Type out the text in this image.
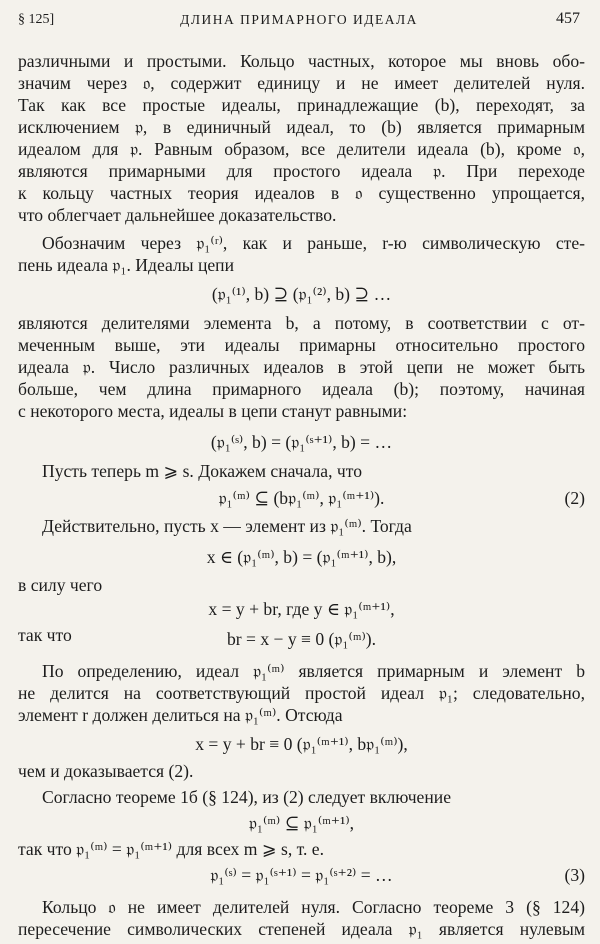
§ 125]	ДЛИНА ПРИМАРНОГО ИДЕАЛА	457
различными и простыми. Кольцо частных, которое мы вновь обо-
значим через 𝔬, содержит единицу и не имеет делителей нуля.
Так как все простые идеалы, принадлежащие (b), переходят, за
исключением 𝔭, в единичный идеал, то (b) является примарным
идеалом для 𝔭. Равным образом, все делители идеала (b), кроме 𝔬,
являются примарными для простого идеала 𝔭. При переходе
к кольцу частных теория идеалов в 𝔬 существенно упрощается,
что облегчает дальнейшее доказательство.
Обозначим через 𝔭₁⁽ʳ⁾, как и раньше, r-ю символическую сте-
пень идеала 𝔭₁. Идеалы цепи
(𝔭₁⁽¹⁾, b) ⊇ (𝔭₁⁽²⁾, b) ⊇ …
являются делителями элемента b, а потому, в соответствии с от-
меченным выше, эти идеалы примарны относительно простого
идеала 𝔭. Число различных идеалов в этой цепи не может быть
больше, чем длина примарного идеала (b); поэтому, начиная
с некоторого места, идеалы в цепи станут равными:
(𝔭₁⁽ˢ⁾, b) = (𝔭₁⁽ˢ⁺¹⁾, b) = …
Пусть теперь m ⩾ s. Докажем сначала, что
𝔭₁⁽ᵐ⁾ ⊆ (b𝔭₁⁽ᵐ⁾, 𝔭₁⁽ᵐ⁺¹⁾).	(2)
Действительно, пусть x — элемент из 𝔭₁⁽ᵐ⁾. Тогда
x ∈ (𝔭₁⁽ᵐ⁾, b) = (𝔭₁⁽ᵐ⁺¹⁾, b),
в силу чего
x = y + br, где y ∈ 𝔭₁⁽ᵐ⁺¹⁾,
так что	br = x − y ≡ 0 (𝔭₁⁽ᵐ⁾).
По определению, идеал 𝔭₁⁽ᵐ⁾ является примарным и элемент b
не делится на соответствующий простой идеал 𝔭₁; следовательно,
элемент r должен делиться на 𝔭₁⁽ᵐ⁾. Отсюда
x = y + br ≡ 0 (𝔭₁⁽ᵐ⁺¹⁾, b𝔭₁⁽ᵐ⁾),
чем и доказывается (2).
Согласно теореме 1б (§ 124), из (2) следует включение
𝔭₁⁽ᵐ⁾ ⊆ 𝔭₁⁽ᵐ⁺¹⁾,
так что 𝔭₁⁽ᵐ⁾ = 𝔭₁⁽ᵐ⁺¹⁾ для всех m ⩾ s, т. е.
𝔭₁⁽ˢ⁾ = 𝔭₁⁽ˢ⁺¹⁾ = 𝔭₁⁽ˢ⁺²⁾ = …	(3)
Кольцо 𝔬 не имеет делителей нуля. Согласно теореме 3 (§ 124)
пересечение символических степеней идеала 𝔭₁ является нулевым
